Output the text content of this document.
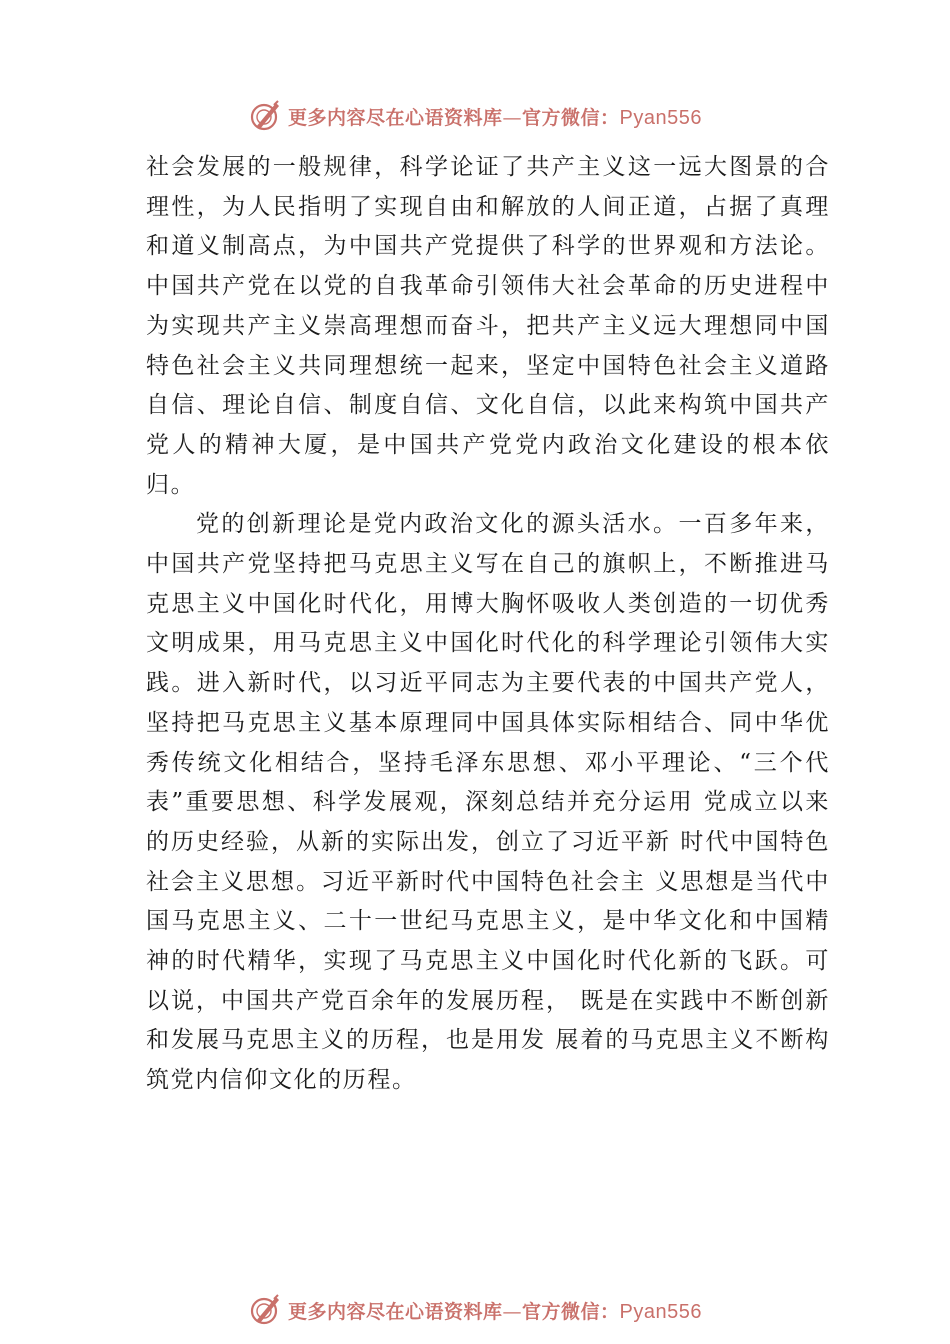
更多内容尽在心语资料库—官方微信：Pyan556

社会发展的一般规律，科学论证了共产主义这一远大图景的合理性，为人民指明了实现自由和解放的人间正道，占据了真理和道义制高点，为中国共产党提供了科学的世界观和方法论。中国共产党在以党的自我革命引领伟大社会革命的历史进程中为实现共产主义崇高理想而奋斗，把共产主义远大理想同中国特色社会主义共同理想统一起来，坚定中国特色社会主义道路自信、理论自信、制度自信、文化自信，以此来构筑中国共产党人的精神大厦，是中国共产党党内政治文化建设的根本依归。

党的创新理论是党内政治文化的源头活水。一百多年来，中国共产党坚持把马克思主义写在自己的旗帜上，不断推进马克思主义中国化时代化，用博大胸怀吸收人类创造的一切优秀文明成果，用马克思主义中国化时代化的科学理论引领伟大实践。进入新时代，以习近平同志为主要代表的中国共产党人，坚持把马克思主义基本原理同中国具体实际相结合、同中华优秀传统文化相结合，坚持毛泽东思想、邓小平理论、“三个代表”重要思想、科学发展观，深刻总结并充分运用 党成立以来的历史经验，从新的实际出发，创立了习近平新 时代中国特色社会主义思想。习近平新时代中国特色社会主 义思想是当代中国马克思主义、二十一世纪马克思主义，是中华文化和中国精神的时代精华，实现了马克思主义中国化时代化新的飞跃。可以说，中国共产党百余年的发展历程， 既是在实践中不断创新和发展马克思主义的历程，也是用发 展着的马克思主义不断构筑党内信仰文化的历程。

更多内容尽在心语资料库—官方微信：Pyan556
